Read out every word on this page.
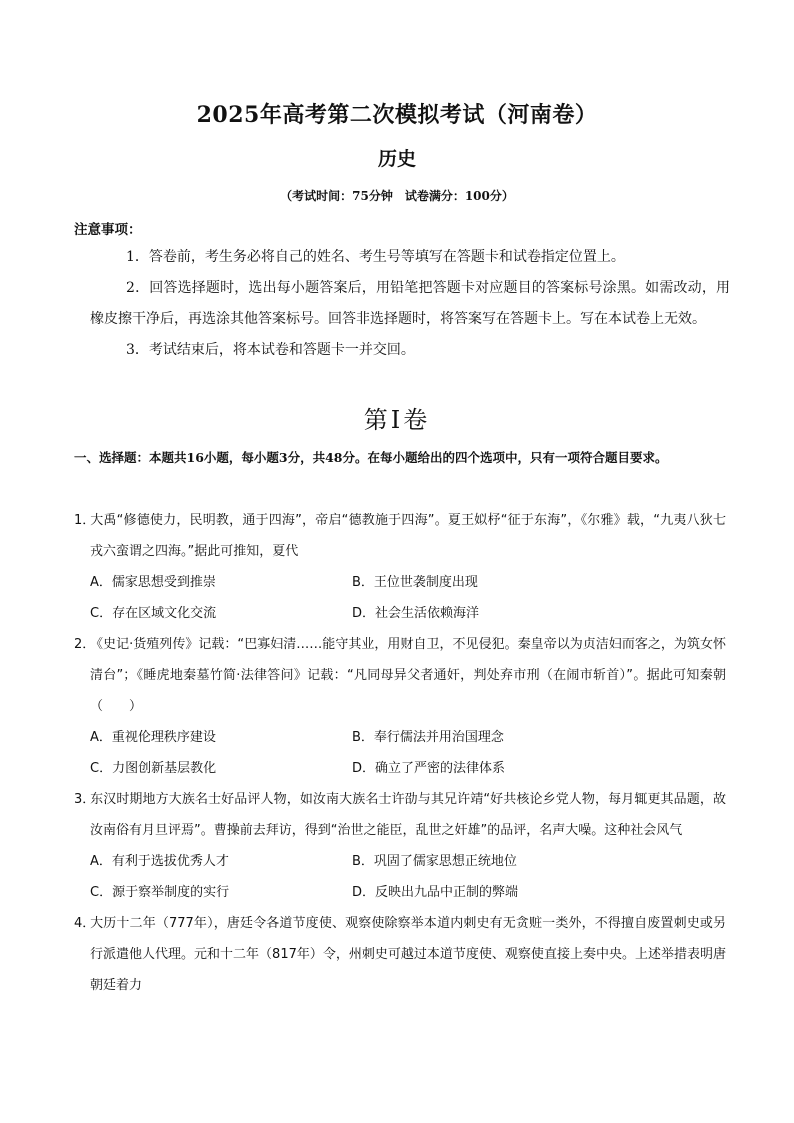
2025年高考第二次模拟考试（河南卷）
历史
（考试时间：75分钟　试卷满分：100分）
注意事项：

1．答卷前，考生务必将自己的姓名、考生号等填写在答题卡和试卷指定位置上。

2．回答选择题时，选出每小题答案后，用铅笔把答题卡对应题目的答案标号涂黑。如需改动，用橡皮擦干净后，再选涂其他答案标号。回答非选择题时，将答案写在答题卡上。写在本试卷上无效。

3．考试结束后，将本试卷和答题卡一并交回。

第Ⅰ卷
一、选择题：本题共16小题，每小题3分，共48分。在每小题给出的四个选项中，只有一项符合题目要求。

1．大禹“修德使力，民明教，通于四海”，帝启“德教施于四海”。夏王姒杼“征于东海”，《尔雅》载，“九夷八狄七戎六蛮谓之四海。”据此可推知，夏代

A．儒家思想受到推崇	B．王位世袭制度出现
C．存在区域文化交流	D．社会生活依赖海洋

2．《史记·货殖列传》记载：“巴寡妇清……能守其业，用财自卫，不见侵犯。秦皇帝以为贞洁妇而客之，为筑女怀清台”；《睡虎地秦墓竹简·法律答问》记载：“凡同母异父者通奸，判处弃市刑（在闹市斩首）”。据此可知秦朝（　　）

A．重视伦理秩序建设	B．奉行儒法并用治国理念
C．力图创新基层教化	D．确立了严密的法律体系

3．东汉时期地方大族名士好品评人物，如汝南大族名士许劭与其兄许靖“好共核论乡党人物，每月辄更其品题，故汝南俗有月旦评焉”。曹操前去拜访，得到“治世之能臣，乱世之奸雄”的品评，名声大噪。这种社会风气

A．有利于选拔优秀人才	B．巩固了儒家思想正统地位
C．源于察举制度的实行	D．反映出九品中正制的弊端

4．大历十二年（777年），唐廷令各道节度使、观察使除察举本道内刺史有无贪赃一类外，不得擅自废置刺史或另行派遣他人代理。元和十二年（817年）令，州刺史可越过本道节度使、观察使直接上奏中央。上述举措表明唐朝廷着力
